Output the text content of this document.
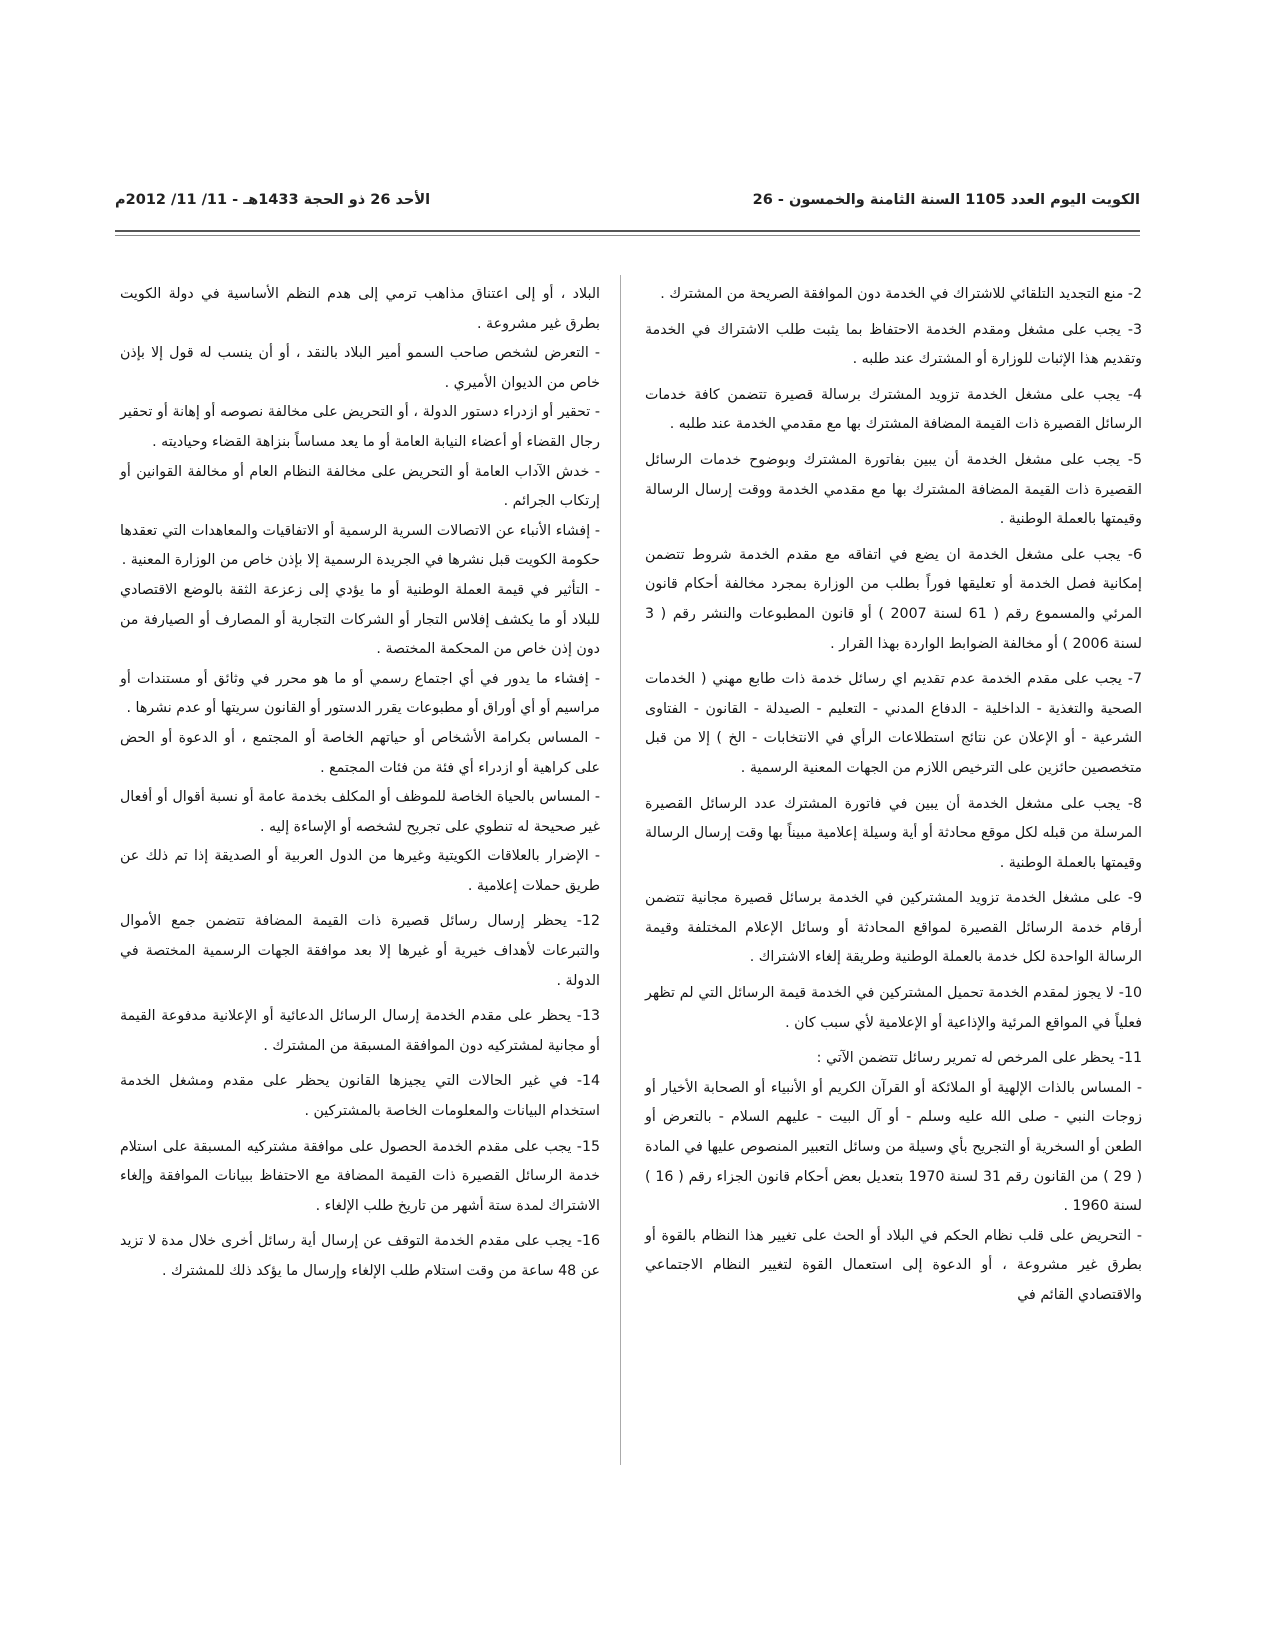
الكويت اليوم العدد 1105 السنة الثامنة والخمسون - 26
الأحد 26 ذو الحجة 1433هـ - 11/ 11/ 2012م

2- منع التجديد التلقائي للاشتراك في الخدمة دون الموافقة الصريحة من المشترك .

3- يجب على مشغل ومقدم الخدمة الاحتفاظ بما يثبت طلب الاشتراك في الخدمة وتقديم هذا الإثبات للوزارة أو المشترك عند طلبه .

4- يجب على مشغل الخدمة تزويد المشترك برسالة قصيرة تتضمن كافة خدمات الرسائل القصيرة ذات القيمة المضافة المشترك بها مع مقدمي الخدمة عند طلبه .

5- يجب على مشغل الخدمة أن يبين بفاتورة المشترك وبوضوح خدمات الرسائل القصيرة ذات القيمة المضافة المشترك بها مع مقدمي الخدمة ووقت إرسال الرسالة وقيمتها بالعملة الوطنية .

6- يجب على مشغل الخدمة ان يضع في اتفاقه مع مقدم الخدمة شروط تتضمن إمكانية فصل الخدمة أو تعليقها فوراً بطلب من الوزارة بمجرد مخالفة أحكام قانون المرئي والمسموع رقم ( 61 لسنة 2007 ) أو قانون المطبوعات والنشر رقم ( 3 لسنة 2006 ) أو مخالفة الضوابط الواردة بهذا القرار .

7- يجب على مقدم الخدمة عدم تقديم اي رسائل خدمة ذات طابع مهني ( الخدمات الصحية والتغذية - الداخلية - الدفاع المدني - التعليم - الصيدلة - القانون - الفتاوى الشرعية - أو الإعلان عن نتائج استطلاعات الرأي في الانتخابات - الخ ) إلا من قبل متخصصين حائزين على الترخيص اللازم من الجهات المعنية الرسمية .

8- يجب على مشغل الخدمة أن يبين في فاتورة المشترك عدد الرسائل القصيرة المرسلة من قبله لكل موقع محادثة أو أية وسيلة إعلامية مبيناً بها وقت إرسال الرسالة وقيمتها بالعملة الوطنية .

9- على مشغل الخدمة تزويد المشتركين في الخدمة برسائل قصيرة مجانية تتضمن أرقام خدمة الرسائل القصيرة لمواقع المحادثة أو وسائل الإعلام المختلفة وقيمة الرسالة الواحدة لكل خدمة بالعملة الوطنية وطريقة إلغاء الاشتراك .

10- لا يجوز لمقدم الخدمة تحميل المشتركين في الخدمة قيمة الرسائل التي لم تظهر فعلياً في المواقع المرئية والإذاعية أو الإعلامية لأي سبب كان .

11- يحظر على المرخص له تمرير رسائل تتضمن الآتي :

- المساس بالذات الإلهية أو الملائكة أو القرآن الكريم أو الأنبياء أو الصحابة الأخيار أو زوجات النبي - صلى الله عليه وسلم - أو آل البيت - عليهم السلام - بالتعرض أو الطعن أو السخرية أو التجريح بأي وسيلة من وسائل التعبير المنصوص عليها في المادة ( 29 ) من القانون رقم 31 لسنة 1970 بتعديل بعض أحكام قانون الجزاء رقم ( 16 ) لسنة 1960 .

- التحريض على قلب نظام الحكم في البلاد أو الحث على تغيير هذا النظام بالقوة أو بطرق غير مشروعة ، أو الدعوة إلى استعمال القوة لتغيير النظام الاجتماعي والاقتصادي القائم في

البلاد ، أو إلى اعتناق مذاهب ترمي إلى هدم النظم الأساسية في دولة الكويت بطرق غير مشروعة .

- التعرض لشخص صاحب السمو أمير البلاد بالنقد ، أو أن ينسب له قول إلا بإذن خاص من الديوان الأميري .

- تحقير أو ازدراء دستور الدولة ، أو التحريض على مخالفة نصوصه أو إهانة أو تحقير رجال القضاء أو أعضاء النيابة العامة أو ما يعد مساساً بنزاهة القضاء وحياديته .

- خدش الآداب العامة أو التحريض على مخالفة النظام العام أو مخالفة القوانين أو إرتكاب الجرائم .

- إفشاء الأنباء عن الاتصالات السرية الرسمية أو الاتفاقيات والمعاهدات التي تعقدها حكومة الكويت قبل نشرها في الجريدة الرسمية إلا بإذن خاص من الوزارة المعنية .

- التأثير في قيمة العملة الوطنية أو ما يؤدي إلى زعزعة الثقة بالوضع الاقتصادي للبلاد أو ما يكشف إفلاس التجار أو الشركات التجارية أو المصارف أو الصيارفة من دون إذن خاص من المحكمة المختصة .

- إفشاء ما يدور في أي اجتماع رسمي أو ما هو محرر في وثائق أو مستندات أو مراسيم أو أي أوراق أو مطبوعات يقرر الدستور أو القانون سريتها أو عدم نشرها .

- المساس بكرامة الأشخاص أو حياتهم الخاصة أو المجتمع ، أو الدعوة أو الحض على كراهية أو ازدراء أي فئة من فئات المجتمع .

- المساس بالحياة الخاصة للموظف أو المكلف بخدمة عامة أو نسبة أقوال أو أفعال غير صحيحة له تنطوي على تجريح لشخصه أو الإساءة إليه .

- الإضرار بالعلاقات الكويتية وغيرها من الدول العربية أو الصديقة إذا تم ذلك عن طريق حملات إعلامية .

12- يحظر إرسال رسائل قصيرة ذات القيمة المضافة تتضمن جمع الأموال والتبرعات لأهداف خيرية أو غيرها إلا بعد موافقة الجهات الرسمية المختصة في الدولة .

13- يحظر على مقدم الخدمة إرسال الرسائل الدعائية أو الإعلانية مدفوعة القيمة أو مجانية لمشتركيه دون الموافقة المسبقة من المشترك .

14- في غير الحالات التي يجيزها القانون يحظر على مقدم ومشغل الخدمة استخدام البيانات والمعلومات الخاصة بالمشتركين .

15- يجب على مقدم الخدمة الحصول على موافقة مشتركيه المسبقة على استلام خدمة الرسائل القصيرة ذات القيمة المضافة مع الاحتفاظ ببيانات الموافقة وإلغاء الاشتراك لمدة ستة أشهر من تاريخ طلب الإلغاء .

16- يجب على مقدم الخدمة التوقف عن إرسال أية رسائل أخرى خلال مدة لا تزيد عن 48 ساعة من وقت استلام طلب الإلغاء وإرسال ما يؤكد ذلك للمشترك .
